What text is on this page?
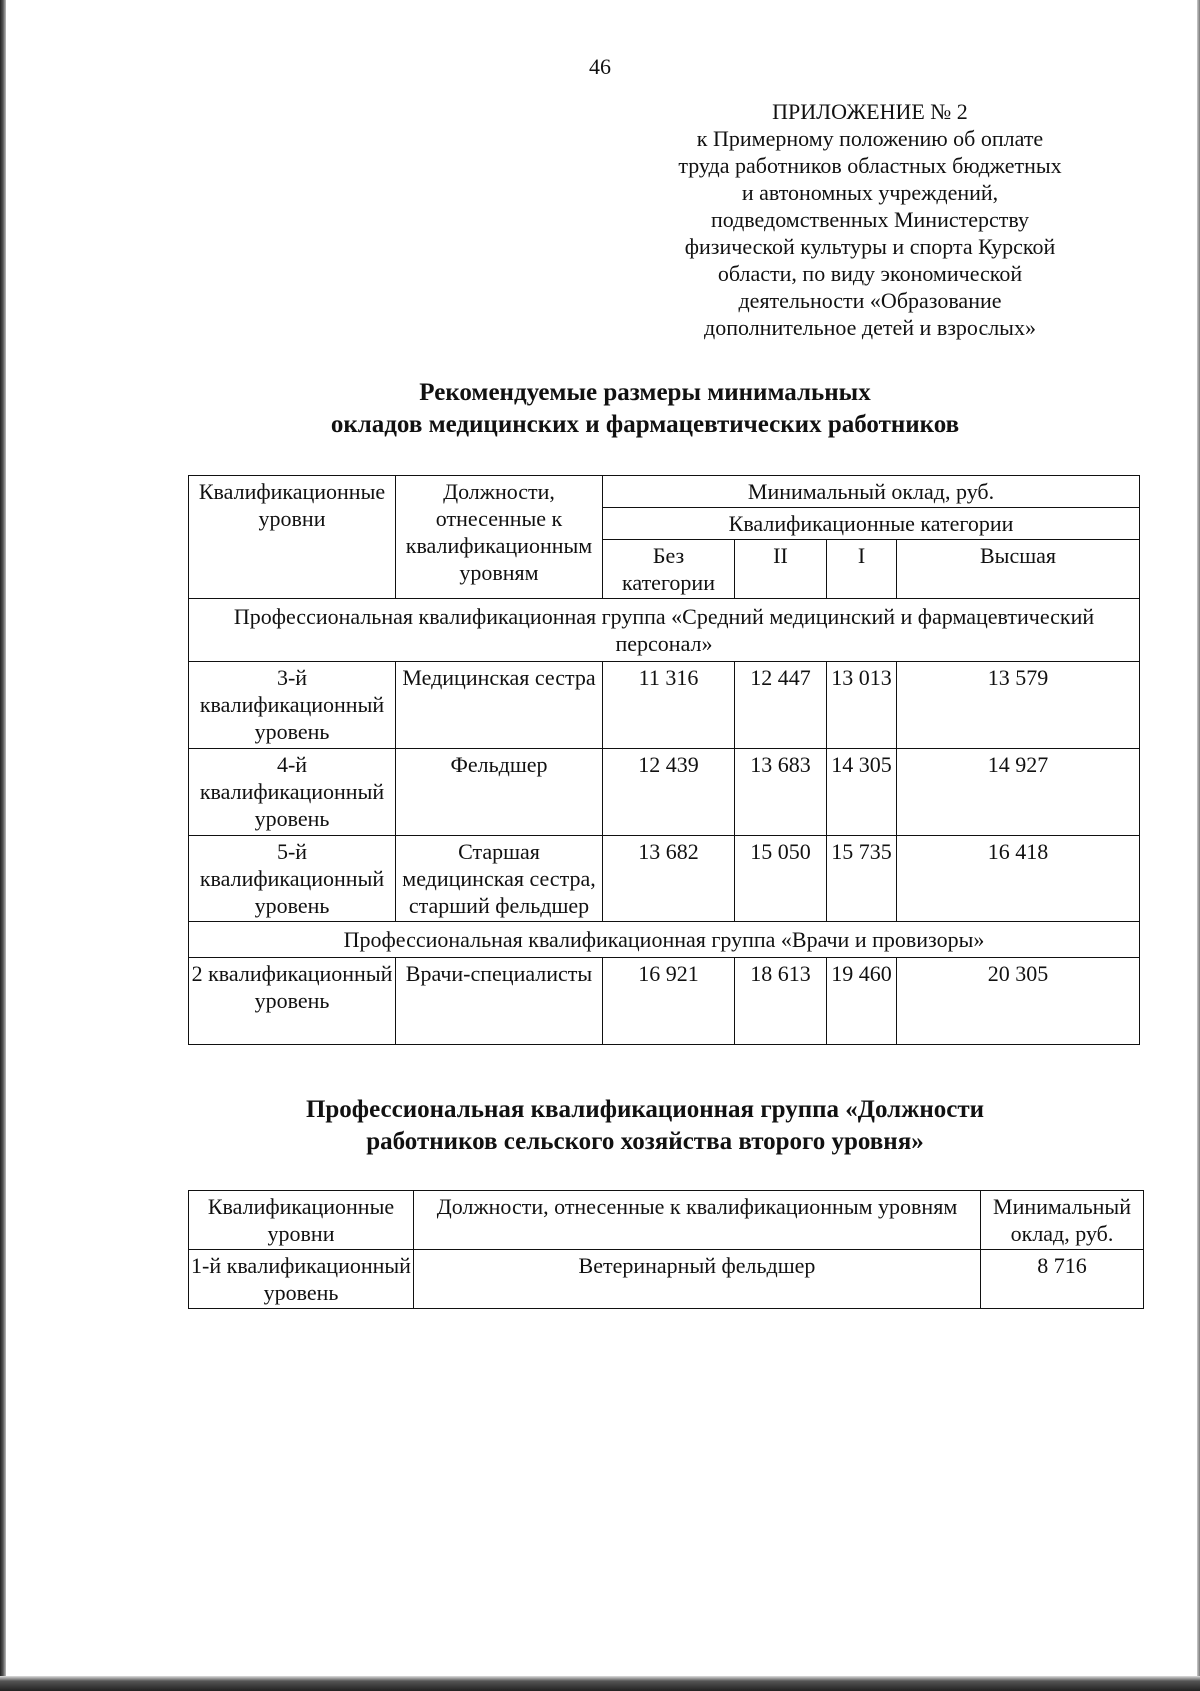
46
ПРИЛОЖЕНИЕ № 2
к Примерному положению об оплате
труда работников областных бюджетных
и автономных учреждений,
подведомственных Министерству
физической культуры и спорта Курской
области, по виду экономической
деятельности «Образование
дополнительное детей и взрослых»
Рекомендуемые размеры минимальных
окладов медицинских и фармацевтических работников
Квалификационные уровни	Должности, отнесенные к квалификационным уровням	Минимальный оклад, руб.			
		Квалификационные категории			
		Без категории	II	I	Высшая
Профессиональная квалификационная группа «Средний медицинский и фармацевтический персонал»					
3-й квалификационный уровень	Медицинская сестра	11 316	12 447	13 013	13 579
4-й квалификационный уровень	Фельдшер	12 439	13 683	14 305	14 927
5-й квалификационный уровень	Старшая медицинская сестра, старший фельдшер	13 682	15 050	15 735	16 418
Профессиональная квалификационная группа «Врачи и провизоры»					
2 квалификационный уровень	Врачи-специалисты	16 921	18 613	19 460	20 305
Профессиональная квалификационная группа «Должности
работников сельского хозяйства второго уровня»
Квалификационные уровни	Должности, отнесенные к квалификационным уровням	Минимальный оклад, руб.
1-й квалификационный уровень	Ветеринарный фельдшер	8 716
